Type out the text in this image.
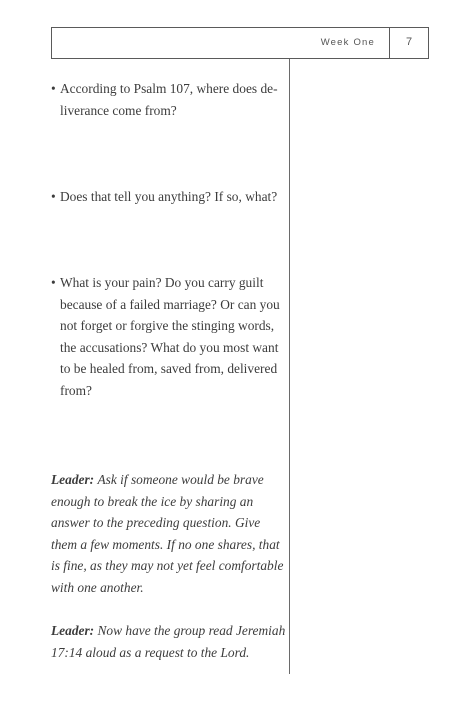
Week One	7
• According to Psalm 107, where does de- liverance come from?
• Does that tell you anything? If so, what?
• What is your pain? Do you carry guilt because of a failed marriage? Or can you not forget or forgive the stinging words, the accusations? What do you most want to be healed from, saved from, delivered from?
Leader: Ask if someone would be brave enough to break the ice by sharing an answer to the preceding question. Give them a few moments. If no one shares, that is fine, as they may not yet feel comfortable with one another.
Leader: Now have the group read Jeremiah 17:14 aloud as a request to the Lord.
